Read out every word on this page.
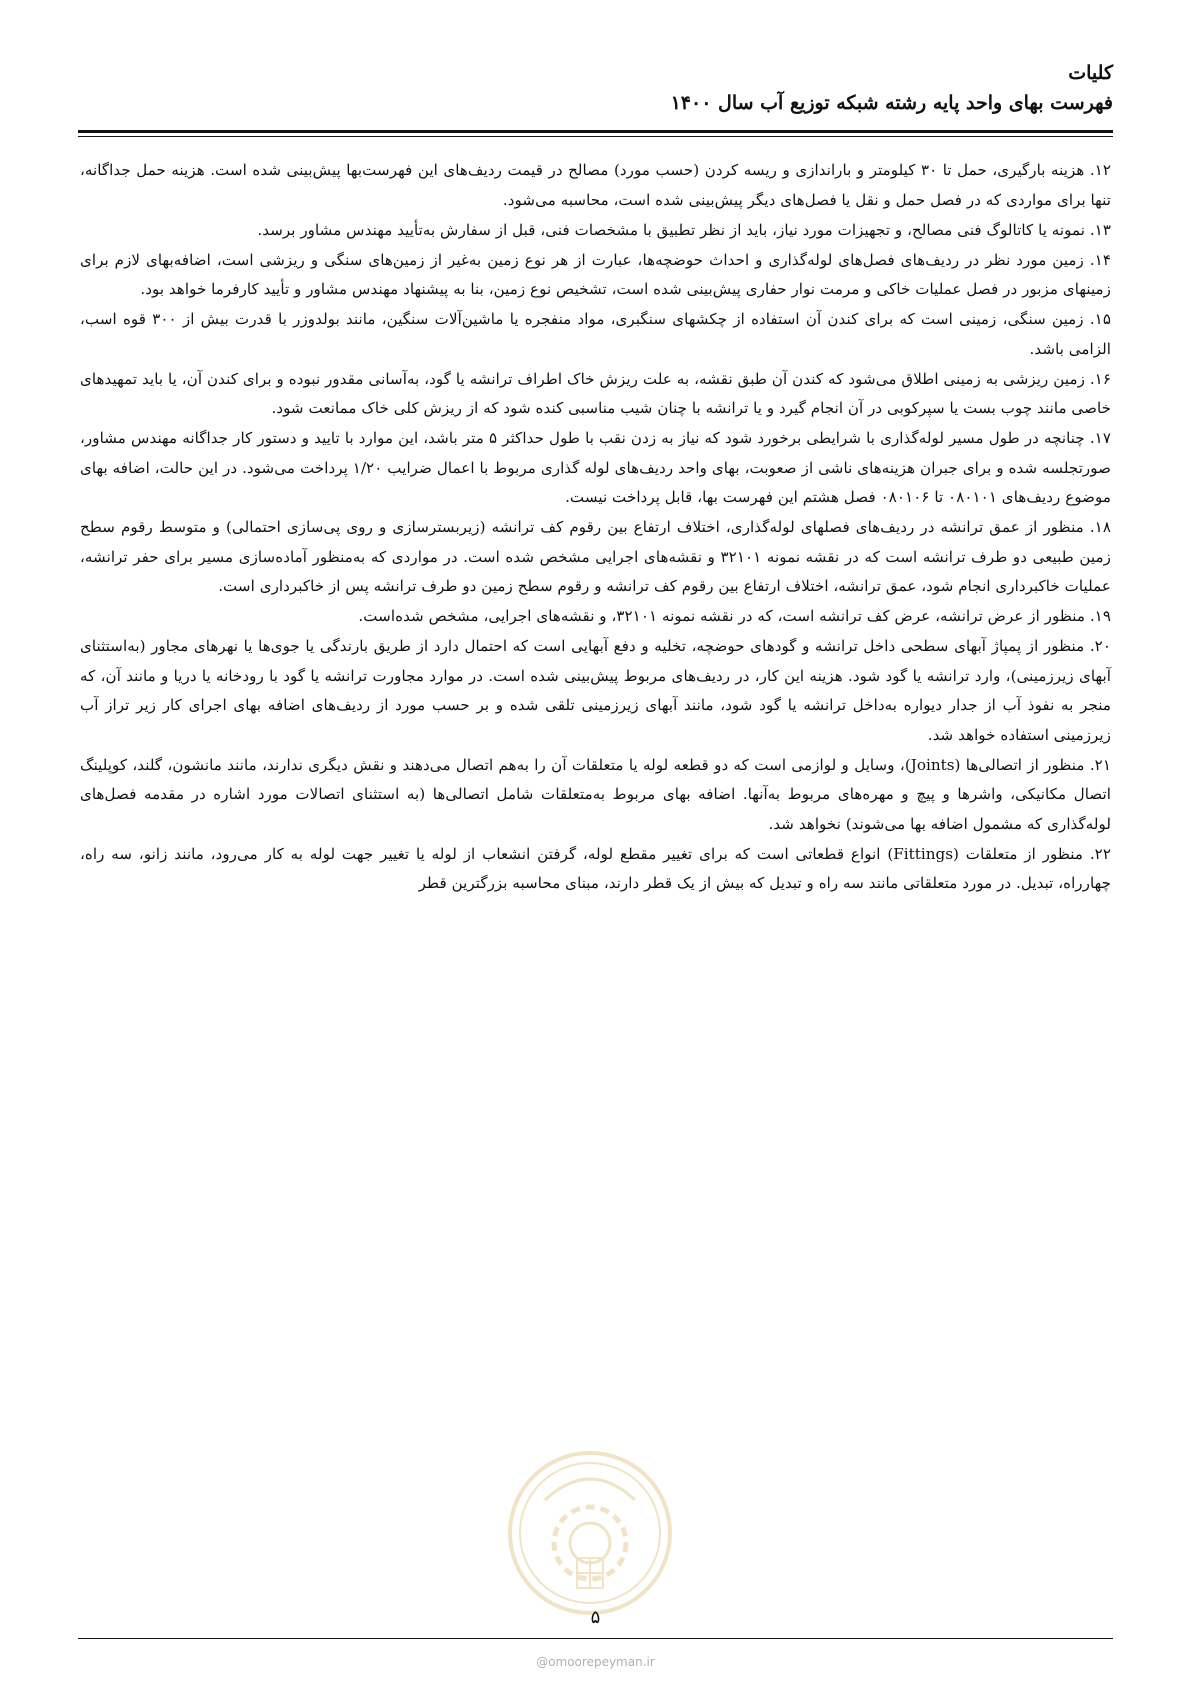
کلیات
فهرست بهای واحد پایه رشته شبکه توزیع آب سال ۱۴۰۰

۱۲. هزینه بارگیری، حمل تا ۳۰ کیلومتر و باراندازی و ریسه کردن (حسب مورد) مصالح در قیمت ردیف‌های این فهرست‌بها پیش‌بینی شده است. هزینه حمل جداگانه، تنها برای مواردی که در فصل حمل و نقل یا فصل‌های دیگر پیش‌بینی شده است، محاسبه می‌شود.

۱۳. نمونه یا کاتالوگ فنی مصالح، و تجهیزات مورد نیاز، باید از نظر تطبیق با مشخصات فنی، قبل از سفارش به‌تأیید مهندس مشاور برسد.

۱۴. زمین مورد نظر در ردیف‌های فصل‌های لوله‌گذاری و احداث حوضچه‌ها، عبارت از هر نوع زمین به‌غیر از زمین‌های سنگی و ریزشی است، اضافه‌بهای لازم برای زمینهای مزبور در فصل عملیات خاکی و مرمت نوار حفاری پیش‌بینی شده است، تشخیص نوع زمین، بنا به پیشنهاد مهندس مشاور و تأیید کارفرما خواهد بود.

۱۵. زمین سنگی، زمینی است که برای کندن آن استفاده از چکشهای سنگبری، مواد منفجره یا ماشین‌آلات سنگین، مانند بولدوزر با قدرت بیش از ۳۰۰ قوه اسب، الزامی باشد.

۱۶. زمین ریزشی به زمینی اطلاق می‌شود که کندن آن طبق نقشه، به علت ریزش خاک اطراف ترانشه یا گود، به‌آسانی مقدور نبوده و برای کندن آن، یا باید تمهیدهای خاصی مانند چوب بست یا سپرکوبی در آن انجام گیرد و یا ترانشه با چنان شیب مناسبی کنده شود که از ریزش کلی خاک ممانعت شود.

۱۷. چنانچه در طول مسیر لوله‌گذاری با شرایطی برخورد شود که نیاز به زدن نقب با طول حداکثر ۵ متر باشد، این موارد با تایید و دستور کار جداگانه مهندس مشاور، صورتجلسه شده و برای جبران هزینه‌های ناشی از صعوبت، بهای واحد ردیف‌های لوله گذاری مربوط با اعمال ضرایب ۱/۲۰ پرداخت می‌شود. در این حالت، اضافه بهای موضوع ردیف‌های ۰۸۰۱۰۱ تا ۰۸۰۱۰۶ فصل هشتم این فهرست بها، قابل پرداخت نیست.

۱۸. منظور از عمق ترانشه در ردیف‌های فصلهای لوله‌گذاری، اختلاف ارتفاع بین رقوم کف ترانشه (زیربسترسازی و روی پی‌سازی احتمالی) و متوسط رقوم سطح زمین طبیعی دو طرف ترانشه است که در نقشه نمونه ۳۲۱۰۱ و نقشه‌های اجرایی مشخص شده است. در مواردی که به‌منظور آماده‌سازی مسیر برای حفر ترانشه، عملیات خاکبرداری انجام شود، عمق ترانشه، اختلاف ارتفاع بین رقوم کف ترانشه و رقوم سطح زمین دو طرف ترانشه پس از خاکبرداری است.

۱۹. منظور از عرض ترانشه، عرض کف ترانشه است، که در نقشه نمونه ۳۲۱۰۱، و نقشه‌های اجرایی، مشخص شده‌است.

۲۰. منظور از پمپاژ آبهای سطحی داخل ترانشه و گودهای حوضچه، تخلیه و دفع آبهایی است که احتمال دارد از طریق بارندگی یا جوی‌ها یا نهرهای مجاور (به‌استثنای آبهای زیرزمینی)، وارد ترانشه یا گود شود. هزینه این کار، در ردیف‌های مربوط پیش‌بینی شده است. در موارد مجاورت ترانشه یا گود با رودخانه یا دریا و مانند آن، که منجر به نفوذ آب از جدار دیواره به‌داخل ترانشه یا گود شود، مانند آبهای زیرزمینی تلقی شده و بر حسب مورد از ردیف‌های اضافه بهای اجرای کار زیر تراز آب زیرزمینی استفاده خواهد شد.

۲۱. منظور از اتصالی‌ها (Joints)، وسایل و لوازمی است که دو قطعه لوله یا متعلقات آن را به‌هم اتصال می‌دهند و نقش دیگری ندارند، مانند مانشون، گلند، کوپلینگ اتصال مکانیکی، واشرها و پیچ و مهره‌های مربوط به‌آنها. اضافه بهای مربوط به‌متعلقات شامل اتصالی‌ها (به استثنای اتصالات مورد اشاره در مقدمه فصل‌های لوله‌گذاری که مشمول اضافه بها می‌شوند) نخواهد شد.

۲۲. منظور از متعلقات (Fittings) انواع قطعاتی است که برای تغییر مقطع لوله، گرفتن انشعاب از لوله یا تغییر جهت لوله به کار می‌رود، مانند زانو، سه راه، چهارراه، تبدیل. در مورد متعلقاتی مانند سه راه و تبدیل که بیش از یک قطر دارند، مبنای محاسبه بزرگترین قطر

۵
@omoorepeyman.ir
